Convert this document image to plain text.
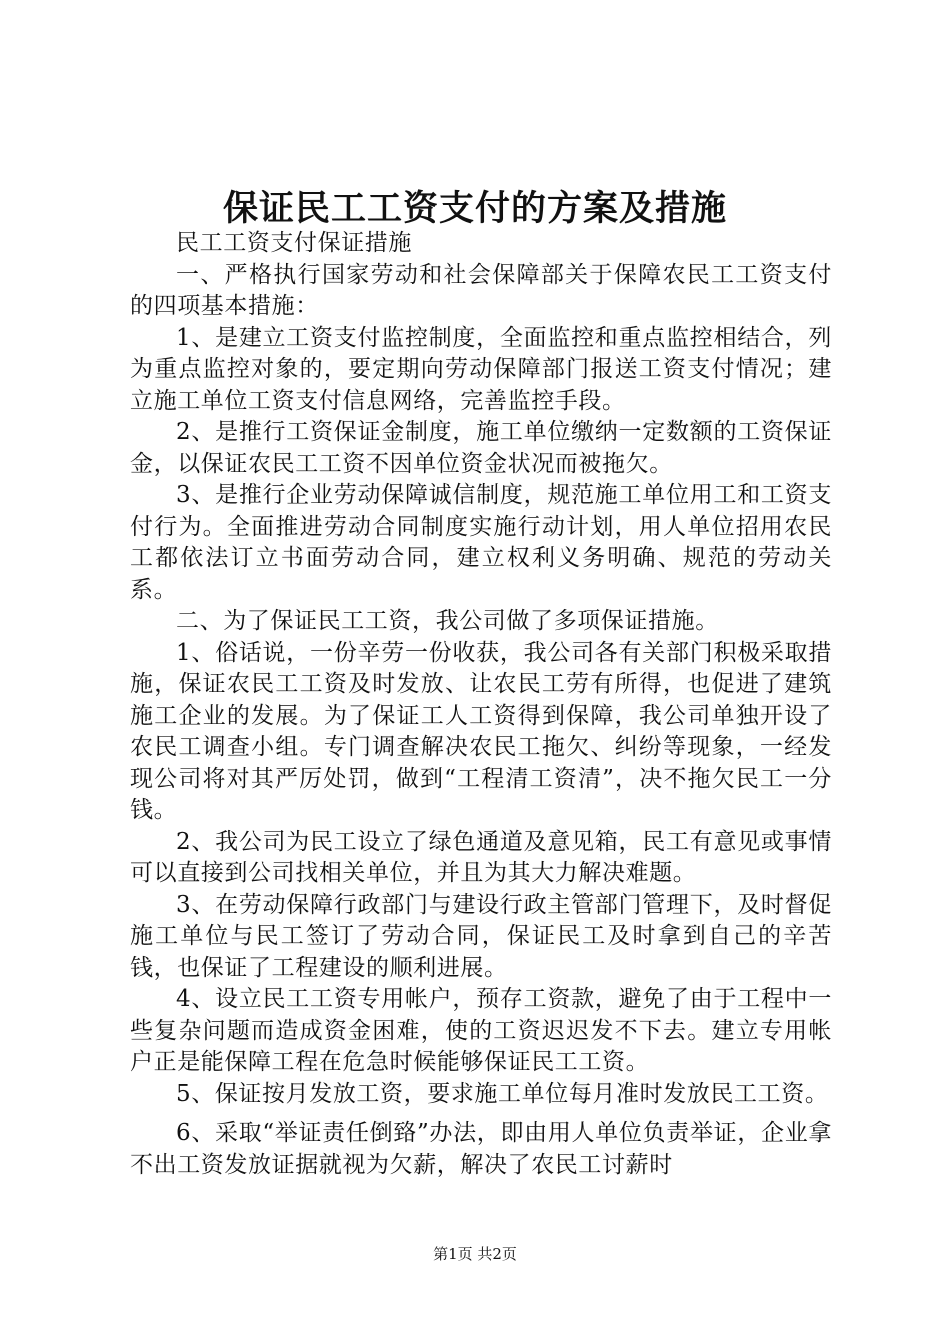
保证民工工资支付的方案及措施

民工工资支付保证措施

一、严格执行国家劳动和社会保障部关于保障农民工工资支付的四项基本措施：

1、是建立工资支付监控制度，全面监控和重点监控相结合，列为重点监控对象的，要定期向劳动保障部门报送工资支付情况；建立施工单位工资支付信息网络，完善监控手段。

2、是推行工资保证金制度，施工单位缴纳一定数额的工资保证金，以保证农民工工资不因单位资金状况而被拖欠。

3、是推行企业劳动保障诚信制度，规范施工单位用工和工资支付行为。全面推进劳动合同制度实施行动计划，用人单位招用农民工都依法订立书面劳动合同，建立权利义务明确、规范的劳动关系。

二、为了保证民工工资，我公司做了多项保证措施。

1、俗话说，一份辛劳一份收获，我公司各有关部门积极采取措施，保证农民工工资及时发放、让农民工劳有所得，也促进了建筑施工企业的发展。为了保证工人工资得到保障，我公司单独开设了农民工调查小组。专门调查解决农民工拖欠、纠纷等现象，一经发现公司将对其严厉处罚，做到“工程清工资清”，决不拖欠民工一分钱。

2、我公司为民工设立了绿色通道及意见箱，民工有意见或事情可以直接到公司找相关单位，并且为其大力解决难题。

3、在劳动保障行政部门与建设行政主管部门管理下，及时督促施工单位与民工签订了劳动合同，保证民工及时拿到自己的辛苦钱，也保证了工程建设的顺利进展。

4、设立民工工资专用帐户，预存工资款，避免了由于工程中一些复杂问题而造成资金困难，使的工资迟迟发不下去。建立专用帐户正是能保障工程在危急时候能够保证民工工资。

5、保证按月发放工资，要求施工单位每月准时发放民工工资。

6、采取“举证责任倒臵”办法，即由用人单位负责举证，企业拿不出工资发放证据就视为欠薪，解决了农民工讨薪时

第1页 共2页
